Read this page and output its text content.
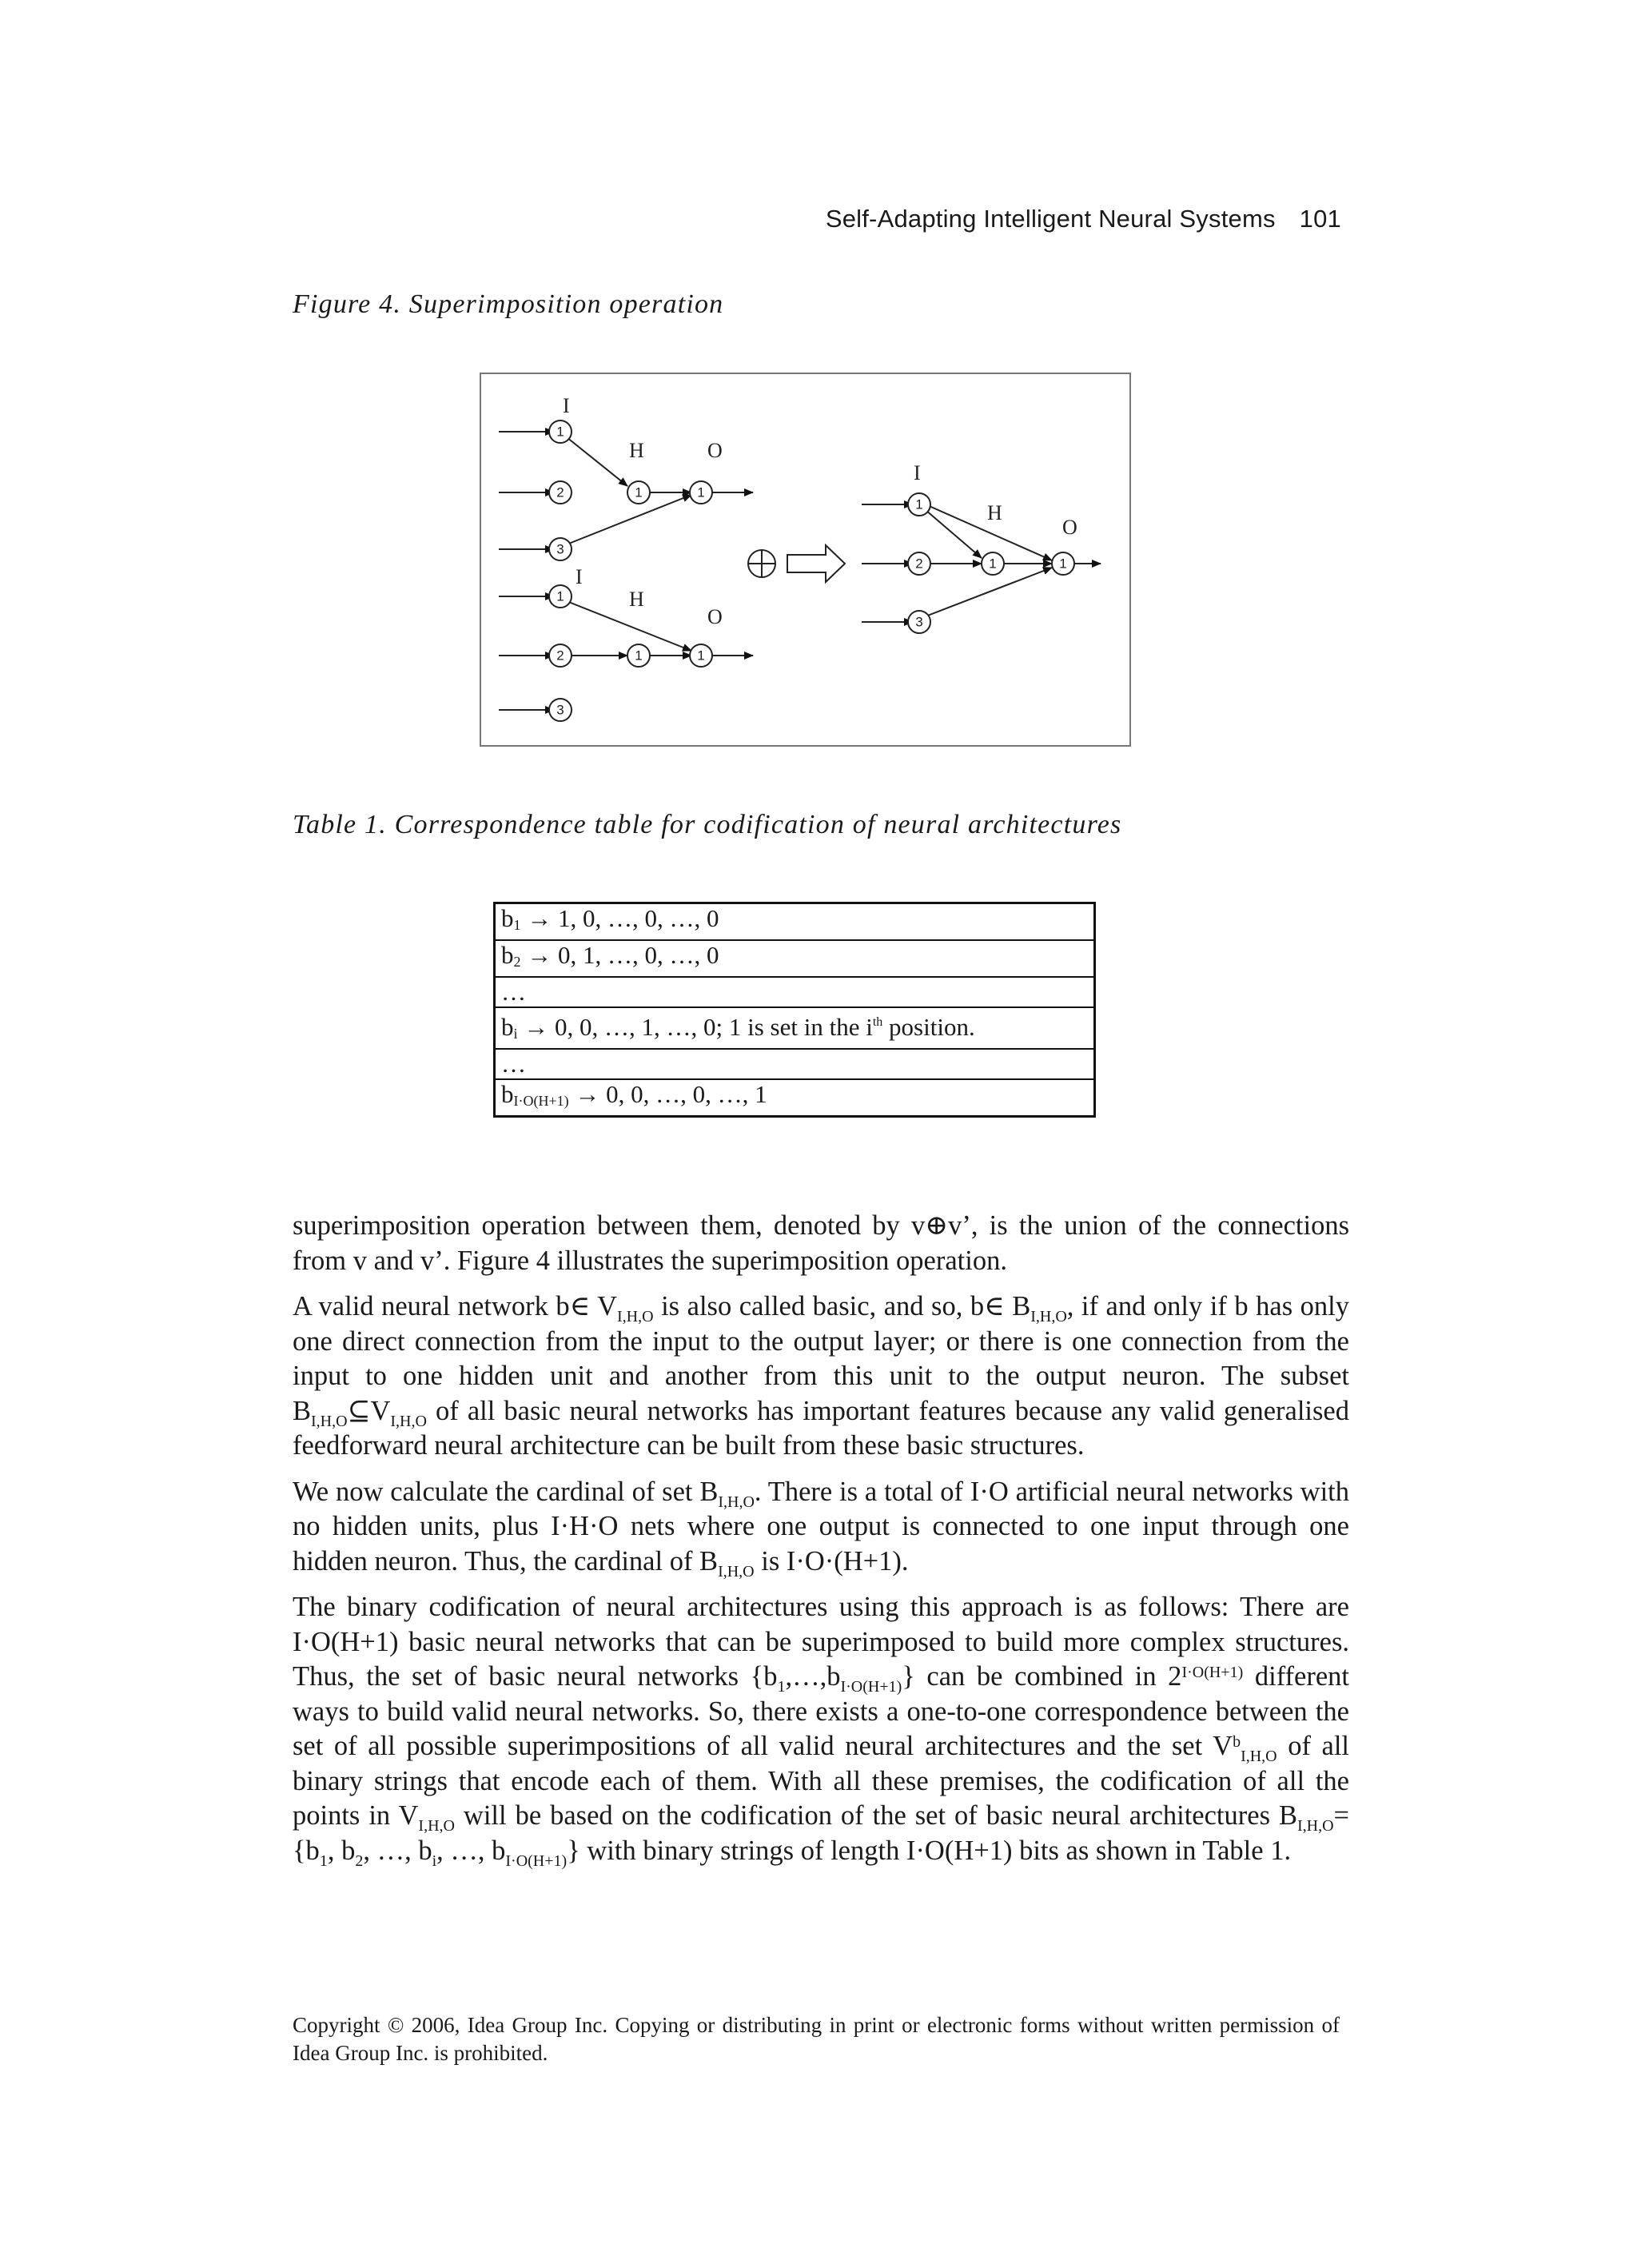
Self-Adapting Intelligent Neural Systems 101
Figure 4. Superimposition operation
I
H	O
I
H
O
I
H
O
1
2
3
1	1
1
2
3
1	1
1
2
3
1	1
Table 1. Correspondence table for codification of neural architectures
$b_1 \to 1$, 0, …, 0, …, 0
$b_2 \to 0$, 1, …, 0, …, 0
…
$b_i \to 0$, 0, …, 1, …, 0; 1 is set in the $i^{th}$ position.
…
$b_{I\cdot O(H+1)} \to 0$, 0, …, 0, …, 1

superimposition operation between them, denoted by v⊕v’, is the union of the connections from v and v’. Figure 4 illustrates the superimposition operation.

A valid neural network b∈ $V_{I,H,O}$ is also called basic, and so, b∈ $B_{I,H,O}$, if and only if b has only one direct connection from the input to the output layer; or there is one connection from the input to one hidden unit and another from this unit to the output neuron. The subset $B_{I,H,O}⊆V_{I,H,O}$ of all basic neural networks has important features because any valid generalised feedforward neural architecture can be built from these basic structures.

We now calculate the cardinal of set $B_{I,H,O}$. There is a total of I·O artificial neural networks with no hidden units, plus I·H·O nets where one output is connected to one input through one hidden neuron. Thus, the cardinal of $B_{I,H,O}$ is I·O·(H+1).

The binary codification of neural architectures using this approach is as follows: There are I·O(H+1) basic neural networks that can be superimposed to build more complex structures. Thus, the set of basic neural networks $\{b_1,\dots,b_{I\cdot O(H+1)}\}$ can be combined in $2^{I\cdot O(H+1)}$ different ways to build valid neural networks. So, there exists a one-to-one correspondence between the set of all possible superimpositions of all valid neural architectures and the set $V^b_{I,H,O}$ of all binary strings that encode each of them. With all these premises, the codification of all the points in $V_{I,H,O}$ will be based on the codification of the set of basic neural architectures $B_{I,H,O}=\{b_1$, $b_2$, …, $b_i$, …, $b_{I\cdot O(H+1)}$} with binary strings of length I·O(H+1) bits as shown in Table 1.

Copyright © 2006, Idea Group Inc. Copying or distributing in print or electronic forms without written permission of Idea Group Inc. is prohibited.
